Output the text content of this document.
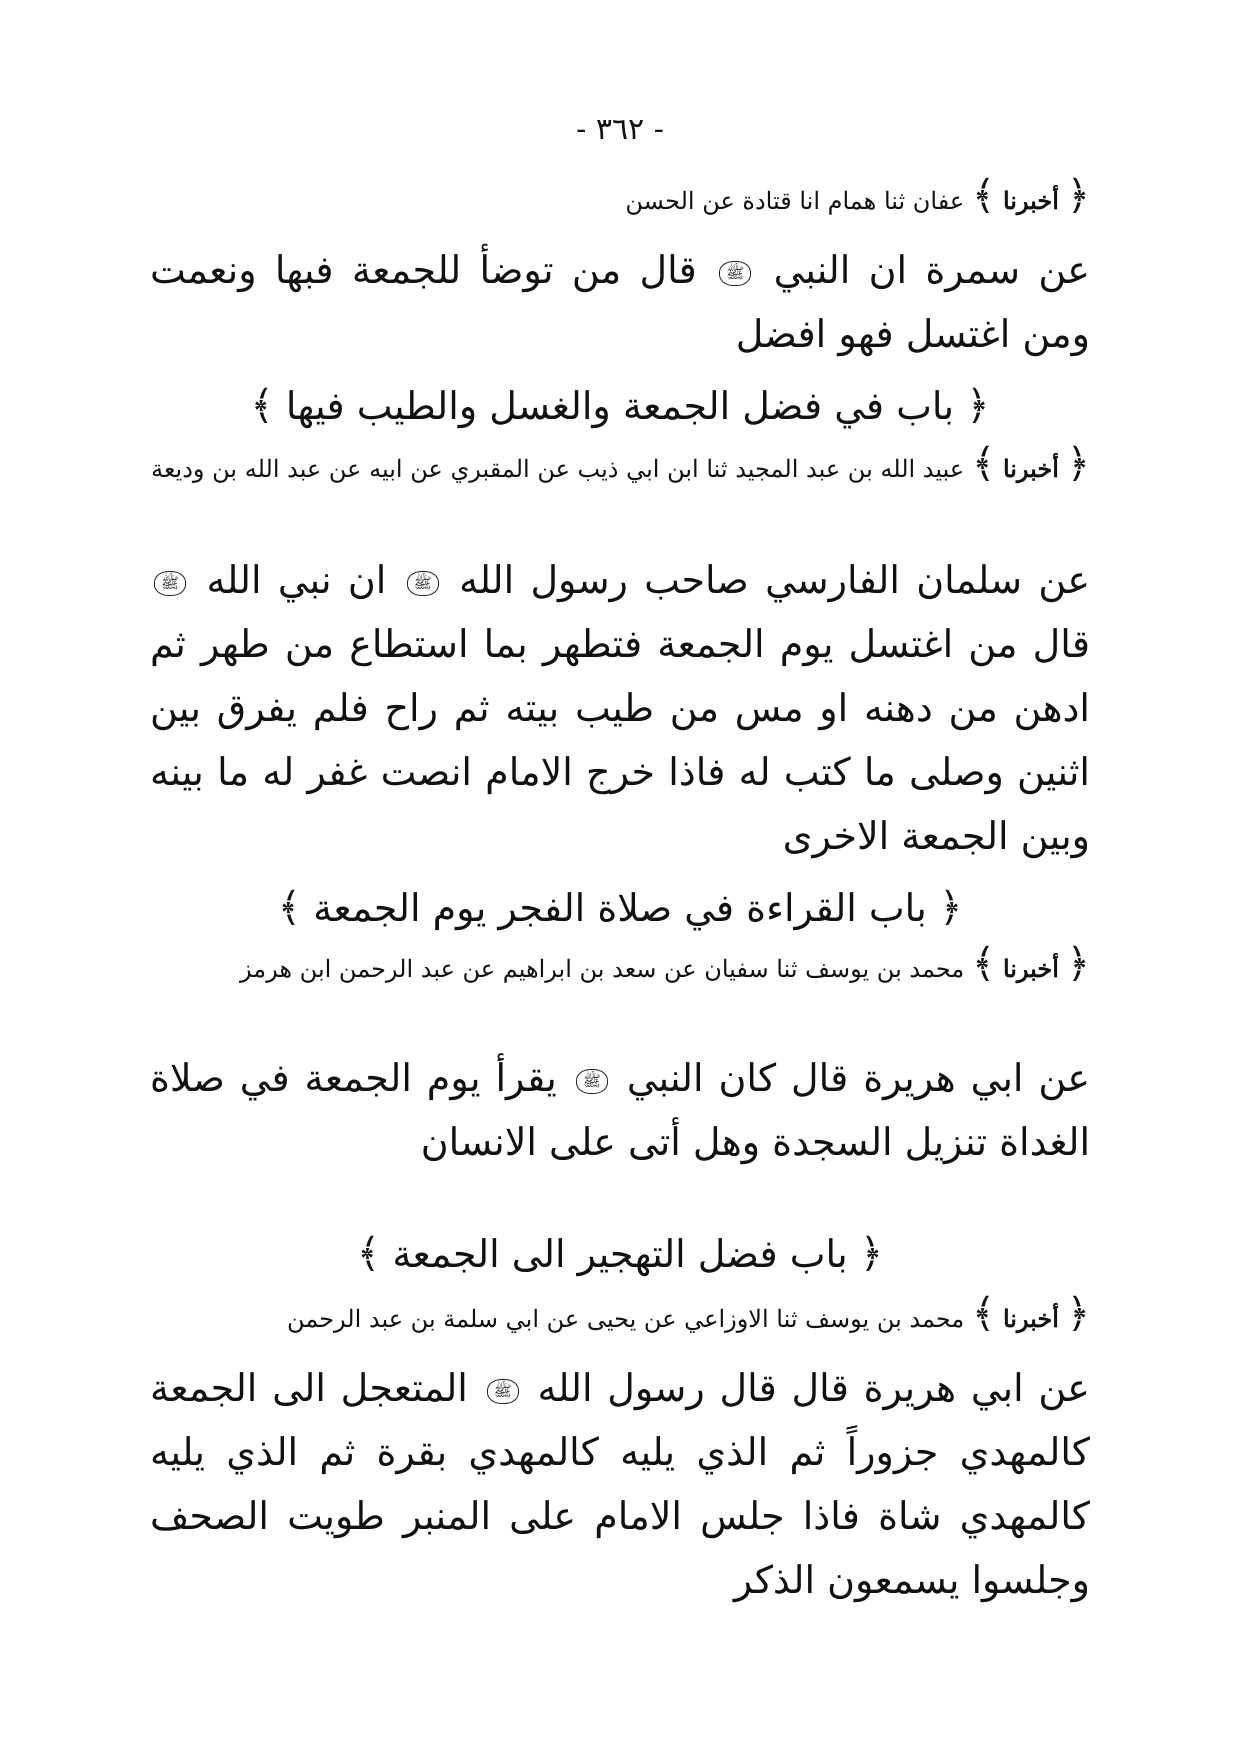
- ٣٦٢ -
﴿ أخبرنا ﴾ عفان ثنا همام انا قتادة عن الحسن
عن سمرة ان النبي ﷺ قال من توضأ للجمعة فبها ونعمت ومن اغتسل فهو افضل
﴿ باب في فضل الجمعة والغسل والطيب فيها ﴾
﴿ أخبرنا ﴾ عبيد الله بن عبد المجيد ثنا ابن ابي ذيب عن المقبري عن ابيه عن عبد الله بن وديعة
عن سلمان الفارسي صاحب رسول الله ﷺ ان نبي الله ﷺ قال من اغتسل يوم الجمعة فتطهر بما استطاع من طهر ثم ادهن من دهنه او مس من طيب بيته ثم راح فلم يفرق بين اثنين وصلى ما كتب له فاذا خرج الامام انصت غفر له ما بينه وبين الجمعة الاخرى
﴿ باب القراءة في صلاة الفجر يوم الجمعة ﴾
﴿ أخبرنا ﴾ محمد بن يوسف ثنا سفيان عن سعد بن ابراهيم عن عبد الرحمن ابن هرمز
عن ابي هريرة قال كان النبي ﷺ يقرأ يوم الجمعة في صلاة الغداة تنزيل السجدة وهل أتى على الانسان
﴿ باب فضل التهجير الى الجمعة ﴾
﴿ أخبرنا ﴾ محمد بن يوسف ثنا الاوزاعي عن يحيى عن ابي سلمة بن عبد الرحمن
عن ابي هريرة قال قال رسول الله ﷺ المتعجل الى الجمعة كالمهدي جزوراً ثم الذي يليه كالمهدي بقرة ثم الذي يليه كالمهدي شاة فاذا جلس الامام على المنبر طويت الصحف وجلسوا يسمعون الذكر
